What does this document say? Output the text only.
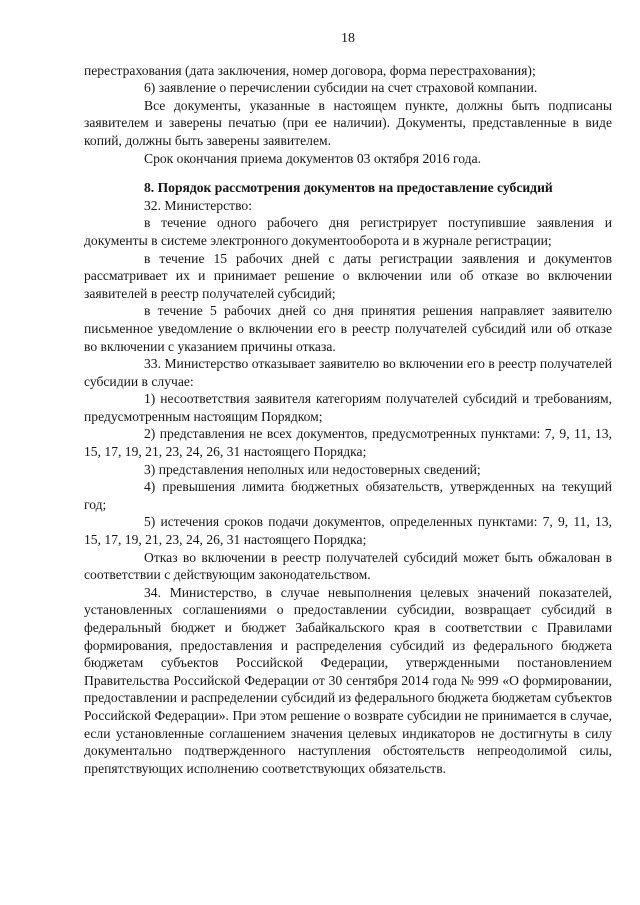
18

перестрахования (дата заключения, номер договора, форма перестрахования);

6) заявление о перечислении субсидии на счет страховой компании.

Все документы, указанные в настоящем пункте, должны быть подписаны заявителем и заверены печатью (при ее наличии). Документы, представленные в виде копий, должны быть заверены заявителем.

Срок окончания приема документов 03 октября 2016 года.

8. Порядок рассмотрения документов на предоставление субсидий

32. Министерство:

в течение одного рабочего дня регистрирует поступившие заявления и документы в системе электронного документооборота и в журнале регистрации;

в течение 15 рабочих дней с даты регистрации заявления и документов рассматривает их и принимает решение о включении или об отказе во включении заявителей в реестр получателей субсидий;

в течение 5 рабочих дней со дня принятия решения направляет заявителю письменное уведомление о включении его в реестр получателей субсидий или об отказе во включении с указанием причины отказа.

33. Министерство отказывает заявителю во включении его в реестр получателей субсидии в случае:

1) несоответствия заявителя категориям получателей субсидий и требованиям, предусмотренным настоящим Порядком;

2) представления не всех документов, предусмотренных пунктами: 7, 9, 11, 13, 15, 17, 19, 21, 23, 24, 26, 31 настоящего Порядка;

3) представления неполных или недостоверных сведений;

4) превышения лимита бюджетных обязательств, утвержденных на текущий год;

5) истечения сроков подачи документов, определенных пунктами: 7, 9, 11, 13, 15, 17, 19, 21, 23, 24, 26, 31 настоящего Порядка;

Отказ во включении в реестр получателей субсидий может быть обжалован в соответствии с действующим законодательством.

34. Министерство, в случае невыполнения целевых значений показателей, установленных соглашениями о предоставлении субсидии, возвращает субсидий в федеральный бюджет и бюджет Забайкальского края в соответствии с Правилами формирования, предоставления и распределения субсидий из федерального бюджета бюджетам субъектов Российской Федерации, утвержденными постановлением Правительства Российской Федерации от 30 сентября 2014 года № 999 «О формировании, предоставлении и распределении субсидий из федерального бюджета бюджетам субъектов Российской Федерации». При этом решение о возврате субсидии не принимается в случае, если установленные соглашением значения целевых индикаторов не достигнуты в силу документально подтвержденного наступления обстоятельств непреодолимой силы, препятствующих исполнению соответствующих обязательств.
